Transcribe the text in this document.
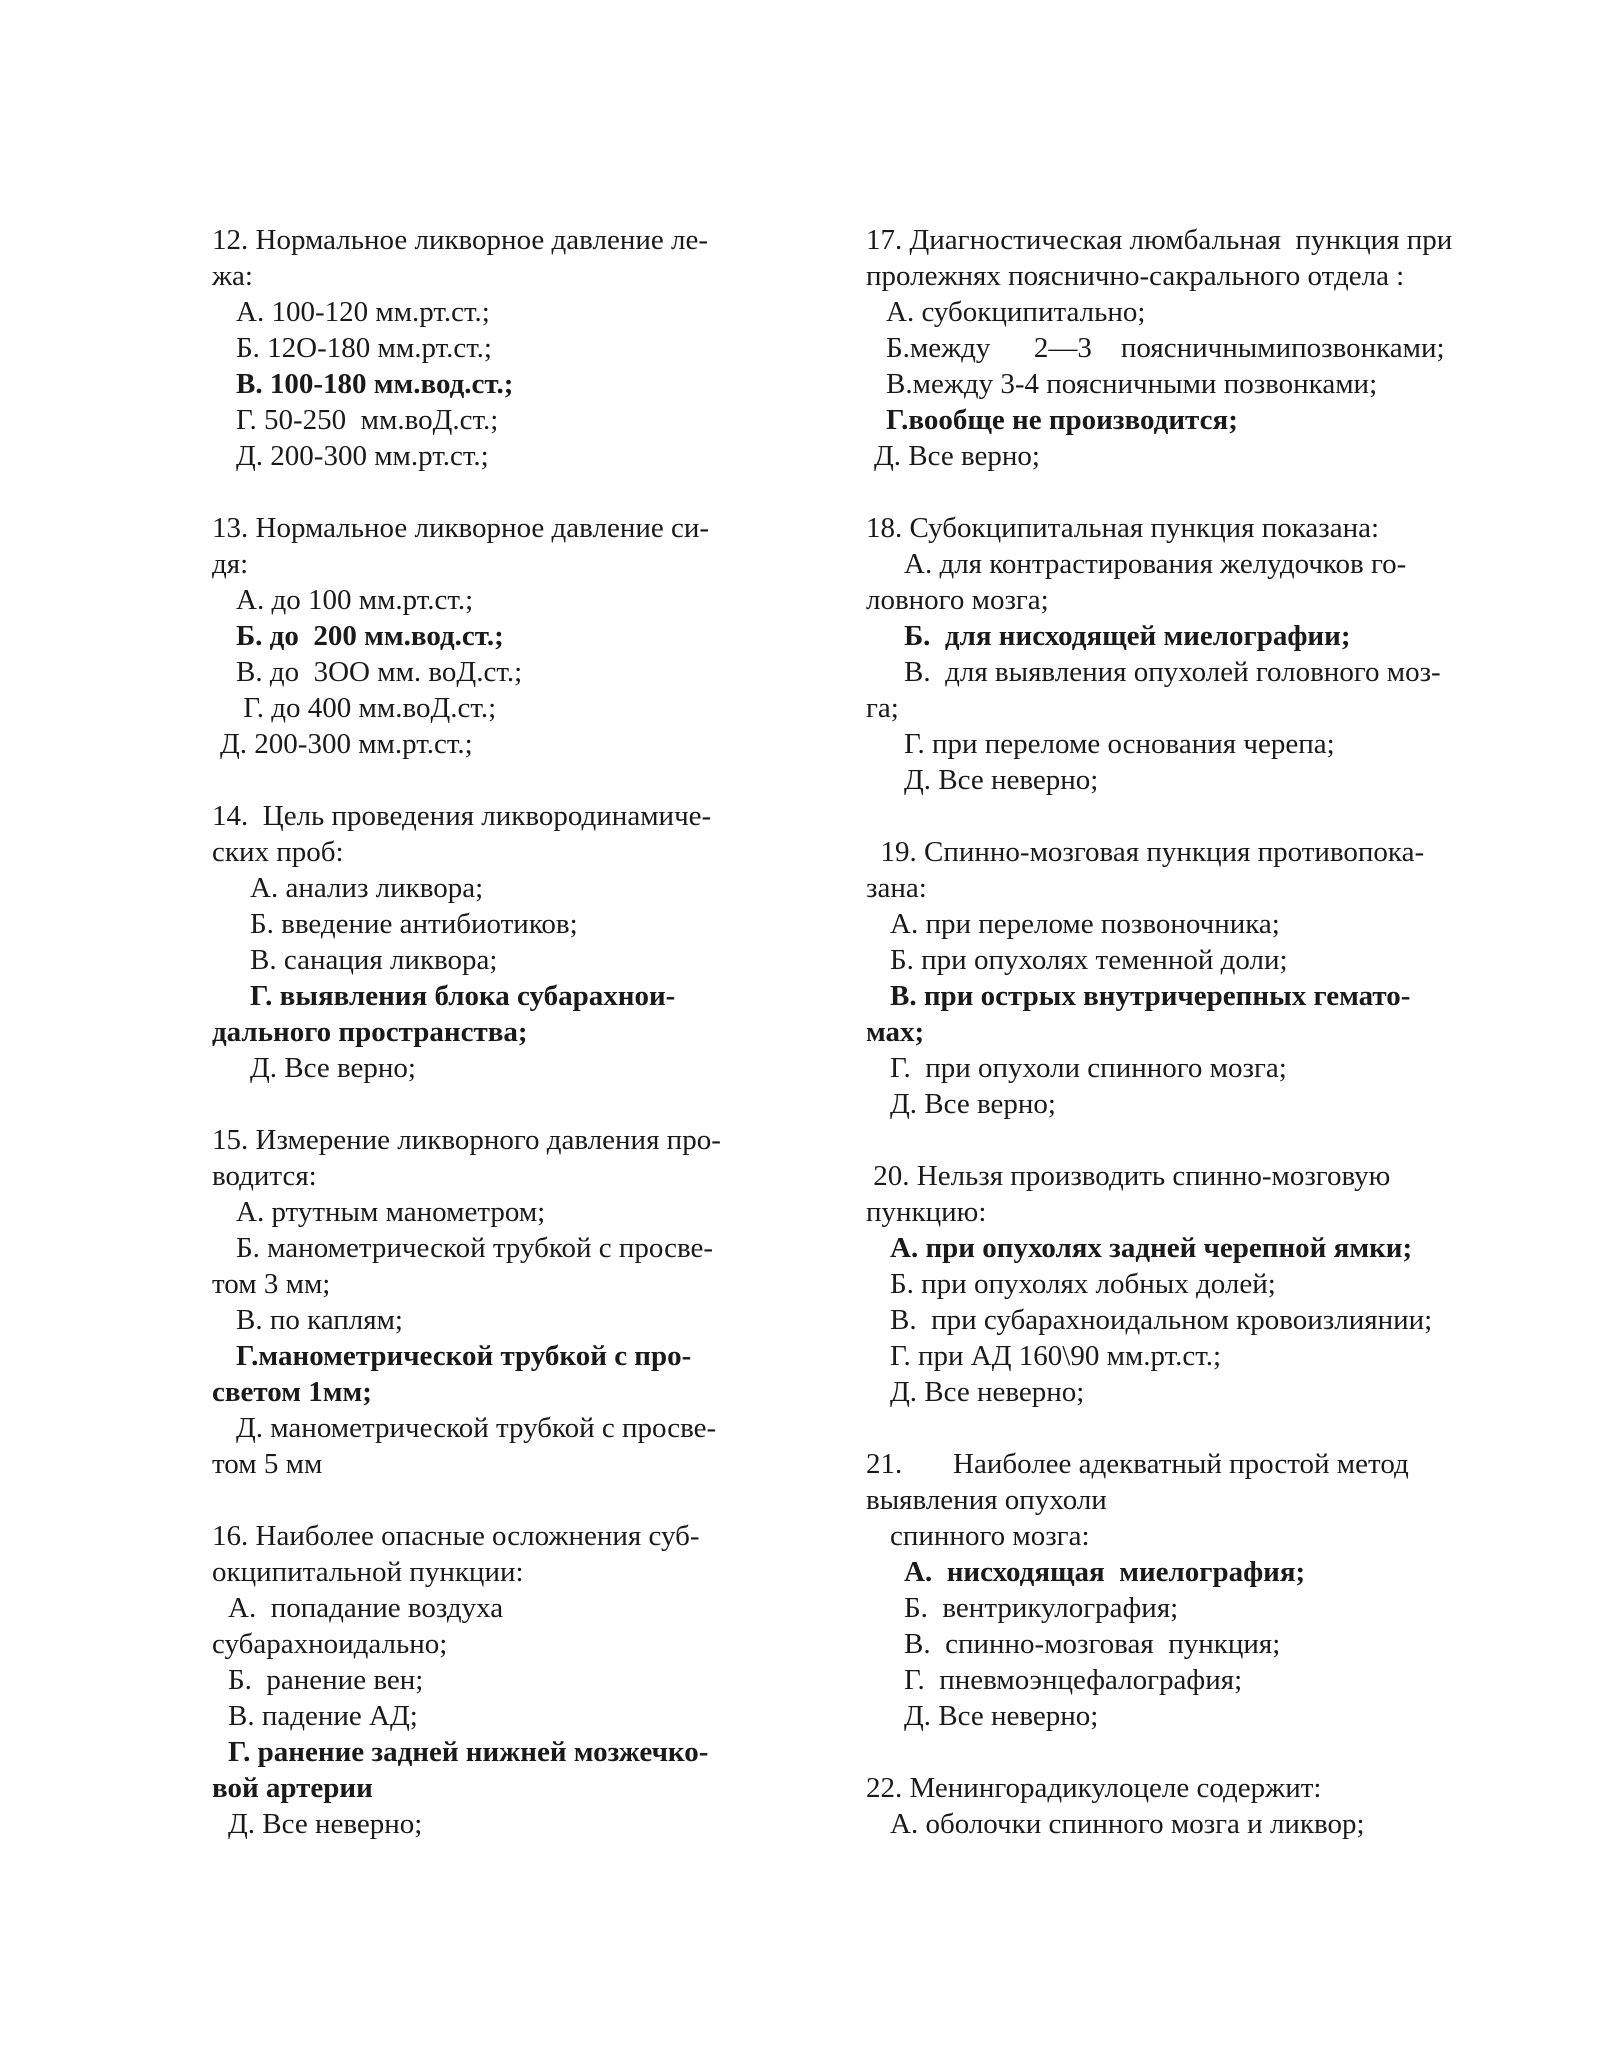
12. Нормальное ликворное давление ле-
жа:
А. 100-120 мм.рт.ст.;
Б. 12О-180 мм.рт.ст.;
В. 100-180 мм.вод.ст.;
Г. 50-250  мм.воД.ст.;
Д. 200-300 мм.рт.ст.;
13. Нормальное ликворное давление си-
дя:
А. до 100 мм.рт.ст.;
Б. до  200 мм.вод.ст.;
В. до  3ОО мм. воД.ст.;
Г. до 400 мм.воД.ст.;
Д. 200-300 мм.рт.ст.;
14.  Цель проведения ликвородинамиче-
ских проб:
А. анализ ликвора;
Б. введение антибиотиков;
В. санация ликвора;
Г. выявления блока субарахнои-
дального пространства;
Д. Все верно;
15. Измерение ликворного давления про-
водится:
А. ртутным манометром;
Б. манометрической трубкой с просве-
том 3 мм;
В. по каплям;
Г.манометрической трубкой с про-
светом 1мм;
Д. манометрической трубкой с просве-
том 5 мм
16. Наиболее опасные осложнения суб-
окципитальной пункции:
А.  попадание воздуха
субарахноидально;
Б.  ранение вен;
В. падение АД;
Г. ранение задней нижней мозжечко-
вой артерии
Д. Все неверно;
17. Диагностическая люмбальная  пункция при
пролежнях пояснично-сакрального отдела :
А. субокципитально;
Б.между      2—3    поясничнымипозвонками;
В.между 3-4 поясничными позвонками;
Г.вообще не производится;
Д. Все верно;
18. Субокципитальная пункция показана:
А. для контрастирования желудочков го-
ловного мозга;
Б.  для нисходящей миелографии;
В.  для выявления опухолей головного моз-
га;
Г. при переломе основания черепа;
Д. Все неверно;
19. Спинно-мозговая пункция противопока-
зана:
А. при переломе позвоночника;
Б. при опухолях теменной доли;
В. при острых внутричерепных гемато-
мах;
Г.  при опухоли спинного мозга;
Д. Все верно;
20. Нельзя производить спинно-мозговую
пункцию:
А. при опухолях задней черепной ямки;
Б. при опухолях лобных долей;
В.  при субарахноидальном кровоизлиянии;
Г. при АД 160\90 мм.рт.ст.;
Д. Все неверно;
21.       Наиболее адекватный простой метод
выявления опухоли
спинного мозга:
А.  нисходящая  миелография;
Б.  вентрикулография;
В.  спинно-мозговая  пункция;
Г.  пневмоэнцефалография;
Д. Все неверно;
22. Менингорадикулоцеле содержит:
А. оболочки спинного мозга и ликвор;
